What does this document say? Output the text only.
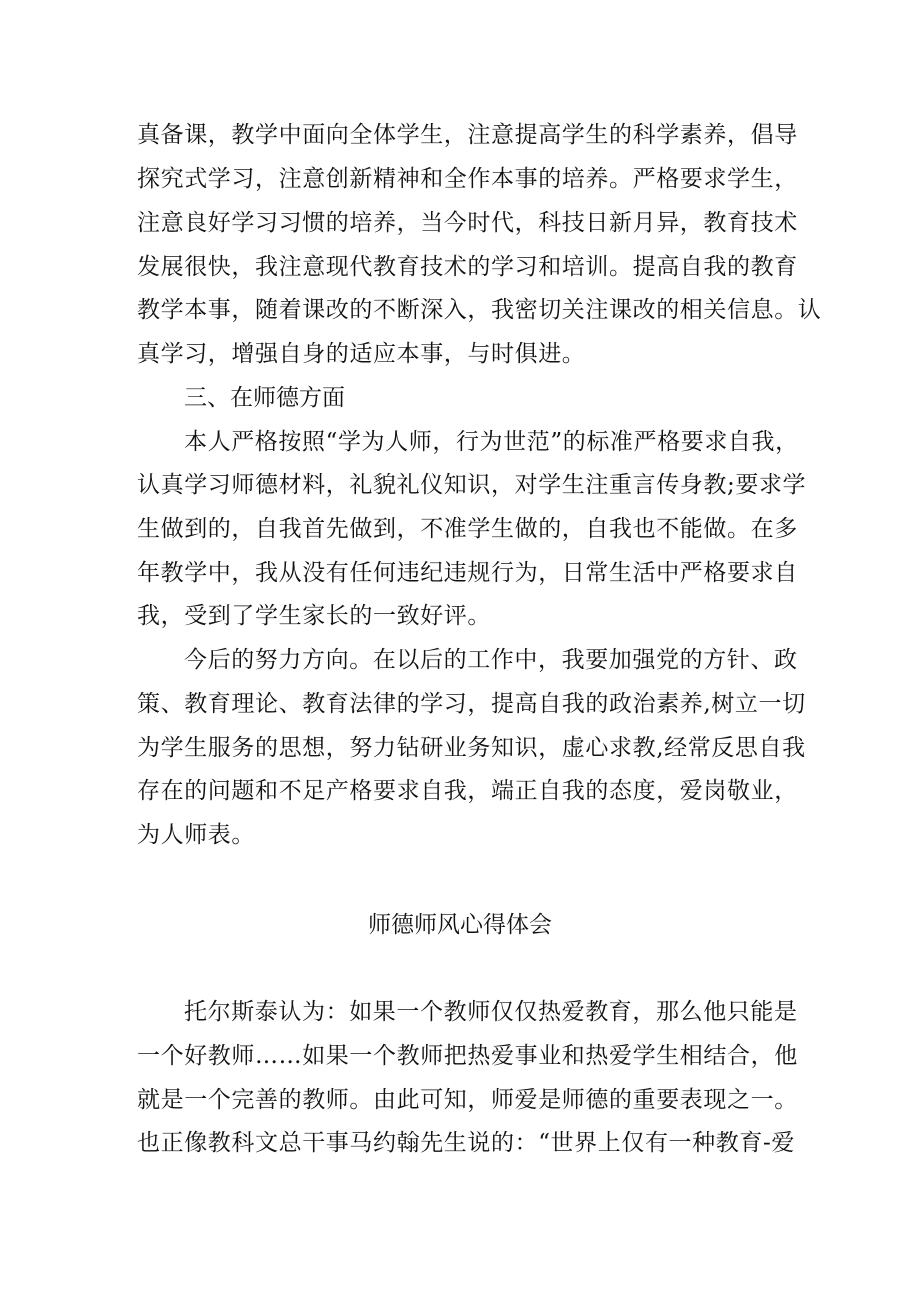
真备课，教学中面向全体学生，注意提高学生的科学素养，倡导
探究式学习，注意创新精神和全作本事的培养。严格要求学生，
注意良好学习习惯的培养，当今时代，科技日新月异，教育技术
发展很快，我注意现代教育技术的学习和培训。提高自我的教育
教学本事，随着课改的不断深入，我密切关注课改的相关信息。认
真学习，增强自身的适应本事，与时俱进。
三、在师德方面
本人严格按照“学为人师，行为世范”的标准严格要求自我，
认真学习师德材料，礼貌礼仪知识，对学生注重言传身教;要求学
生做到的，自我首先做到，不准学生做的，自我也不能做。在多
年教学中，我从没有任何违纪违规行为，日常生活中严格要求自
我，受到了学生家长的一致好评。
今后的努力方向。在以后的工作中，我要加强党的方针、政
策、教育理论、教育法律的学习，提高自我的政治素养,树立一切
为学生服务的思想，努力钻研业务知识，虚心求教,经常反思自我
存在的问题和不足产格要求自我，端正自我的态度，爱岗敬业，
为人师表。
师德师风心得体会
托尔斯泰认为：如果一个教师仅仅热爱教育，那么他只能是
一个好教师……如果一个教师把热爱事业和热爱学生相结合，他
就是一个完善的教师。由此可知，师爱是师德的重要表现之一。
也正像教科文总干事马约翰先生说的：“世界上仅有一种教育-爱
